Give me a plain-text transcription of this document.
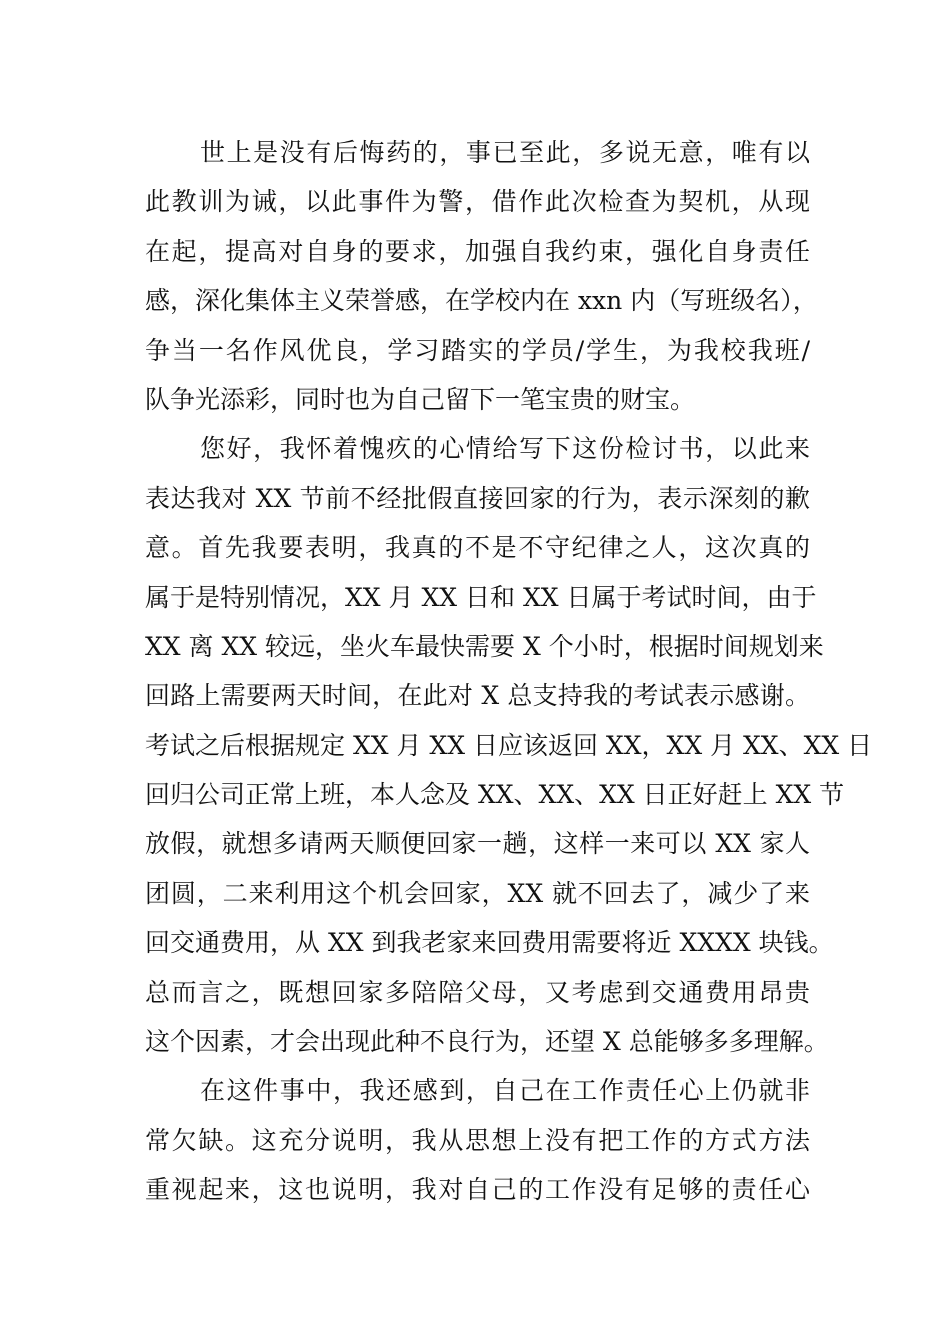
世上是没有后悔药的，事已至此，多说无意，唯有以
此教训为诫，以此事件为警，借作此次检查为契机，从现
在起，提高对自身的要求，加强自我约束，强化自身责任
感，深化集体主义荣誉感，在学校内在 xxn 内（写班级名），
争当一名作风优良，学习踏实的学员/学生，为我校我班/
队争光添彩，同时也为自己留下一笔宝贵的财宝。
您好，我怀着愧疚的心情给写下这份检讨书，以此来
表达我对 XX 节前不经批假直接回家的行为，表示深刻的歉
意。首先我要表明，我真的不是不守纪律之人，这次真的
属于是特别情况，XX 月 XX 日和 XX 日属于考试时间，由于
XX 离 XX 较远，坐火车最快需要 X 个小时，根据时间规划来
回路上需要两天时间，在此对 X 总支持我的考试表示感谢。
考试之后根据规定 XX 月 XX 日应该返回 XX，XX 月 XX、XX 日
回归公司正常上班，本人念及 XX、XX、XX 日正好赶上 XX 节
放假，就想多请两天顺便回家一趟，这样一来可以 XX 家人
团圆，二来利用这个机会回家，XX 就不回去了，减少了来
回交通费用，从 XX 到我老家来回费用需要将近 XXXX 块钱。
总而言之，既想回家多陪陪父母，又考虑到交通费用昂贵
这个因素，才会出现此种不良行为，还望 X 总能够多多理解。
在这件事中，我还感到，自己在工作责任心上仍就非
常欠缺。这充分说明，我从思想上没有把工作的方式方法
重视起来，这也说明，我对自己的工作没有足够的责任心
